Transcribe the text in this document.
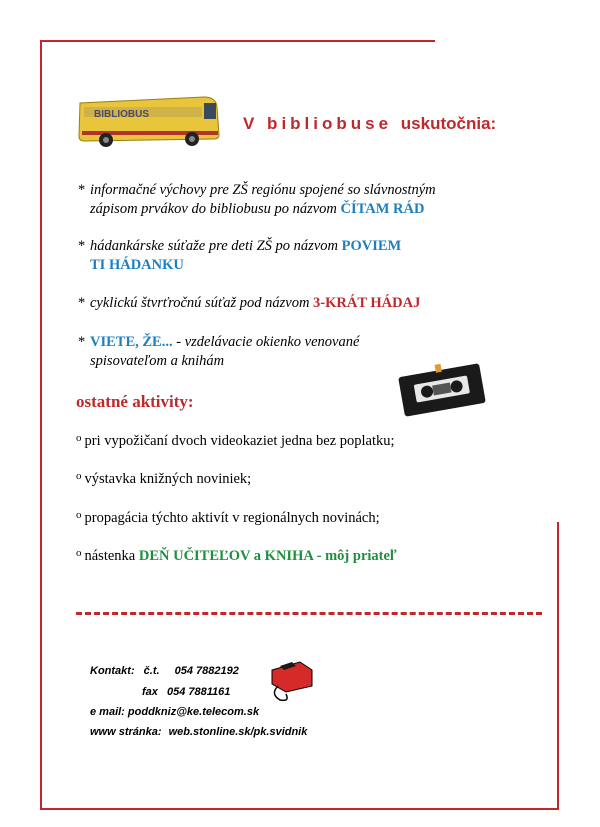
BIBLIOBUS	V bibliobuse uskutočnia:
* informačné výchovy pre ZŠ regiónu spojené so slávnostným
zápisom prvákov do bibliobusu po názvom ČÍTAM RÁD
* hádankárske súťaže pre deti ZŠ po názvom POVIEM
TI HÁDANKU
* cyklickú štvrťročnú súťaž pod názvom 3-KRÁT HÁDAJ
* VIETE, ŽE... - vzdelávacie okienko venované
spisovateľom a knihám
ostatné aktivity:
$^o$ pri vypožičaní dvoch videokaziet jedna bez poplatku;
$^o$ výstavka knižných noviniek;
$^o$ propagácia týchto aktivít v regionálnych novinách;
$^o$ nástenka DEŇ UČITEĽOV a KNIHA - môj priateľ
Kontakt: č.t. 054 7882192
fax 054 7881161
e mail: poddkniz@ke.telecom.sk
www stránka: web.stonline.sk/pk.svidnik
